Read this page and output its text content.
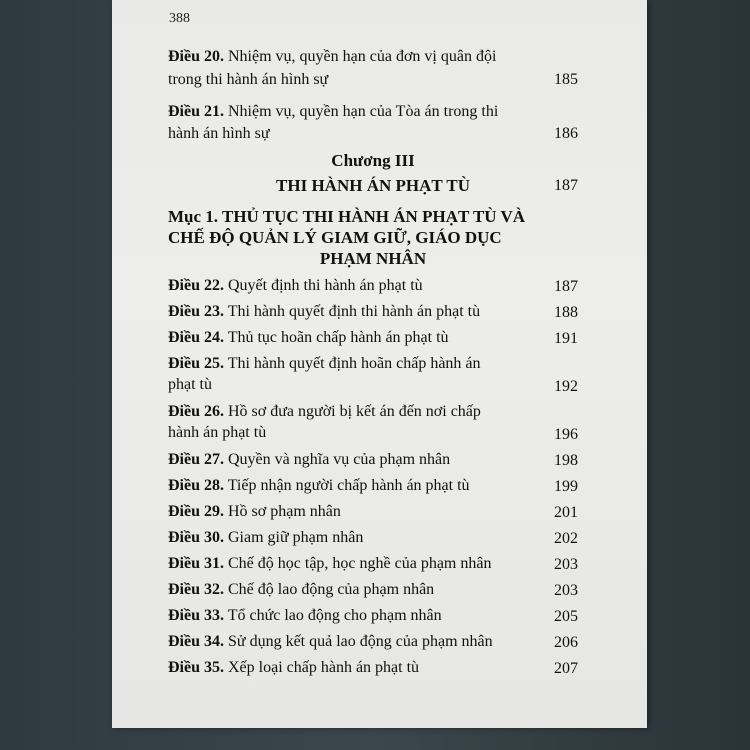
388
Điều 20. Nhiệm vụ, quyền hạn của đơn vị quân đội
trong thi hành án hình sự	185
Điều 21. Nhiệm vụ, quyền hạn của Tòa án trong thi
hành án hình sự	186
Chương III
THI HÀNH ÁN PHẠT TÙ	187
Mục 1. THỦ TỤC THI HÀNH ÁN PHẠT TÙ VÀ
CHẾ ĐỘ QUẢN LÝ GIAM GIỮ, GIÁO DỤC
PHẠM NHÂN
Điều 22. Quyết định thi hành án phạt tù	187
Điều 23. Thi hành quyết định thi hành án phạt tù	188
Điều 24. Thủ tục hoãn chấp hành án phạt tù	191
Điều 25. Thi hành quyết định hoãn chấp hành án
phạt tù	192
Điều 26. Hồ sơ đưa người bị kết án đến nơi chấp
hành án phạt tù	196
Điều 27. Quyền và nghĩa vụ của phạm nhân	198
Điều 28. Tiếp nhận người chấp hành án phạt tù	199
Điều 29. Hồ sơ phạm nhân	201
Điều 30. Giam giữ phạm nhân	202
Điều 31. Chế độ học tập, học nghề của phạm nhân	203
Điều 32. Chế độ lao động của phạm nhân	203
Điều 33. Tổ chức lao động cho phạm nhân	205
Điều 34. Sử dụng kết quả lao động của phạm nhân	206
Điều 35. Xếp loại chấp hành án phạt tù	207
